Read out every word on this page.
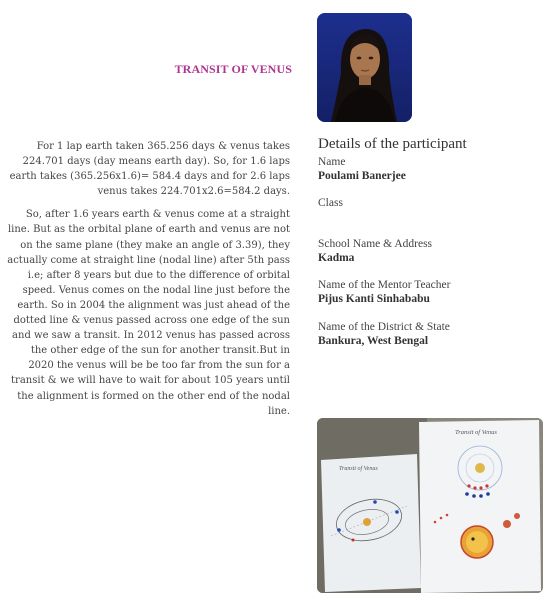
TRANSIT OF VENUS

For 1 lap earth taken 365.256 days & venus takes 224.701 days (day means earth day). So, for 1.6 laps earth takes (365.256x1.6)= 584.4 days and for 2.6 laps venus takes 224.701x2.6=584.2 days.

So, after 1.6 years earth & venus come at a straight line. But as the orbital plane of earth and venus are not on the same plane (they make an angle of 3.39), they actually come at straight line (nodal line) after 5th pass i.e; after 8 years but due to the difference of orbital speed. Venus comes on the nodal line just before the earth. So in 2004 the alignment was just ahead of the dotted line & venus passed across one edge of the sun and we saw a transit. In 2012 venus has passed across the other edge of the sun for another transit.But in 2020 the venus will be be too far from the sun for a transit & we will have to wait for about 105 years until the alignment is formed on the other end of the nodal line.

Details of the participant
Name
Poulami Banerjee
Class
School Name & Address
Kadma
Name of the Mentor Teacher
Pijus Kanti Sinhababu
Name of the District & State
Bankura, West Bengal
Transit of Venus
Transit of Venus
